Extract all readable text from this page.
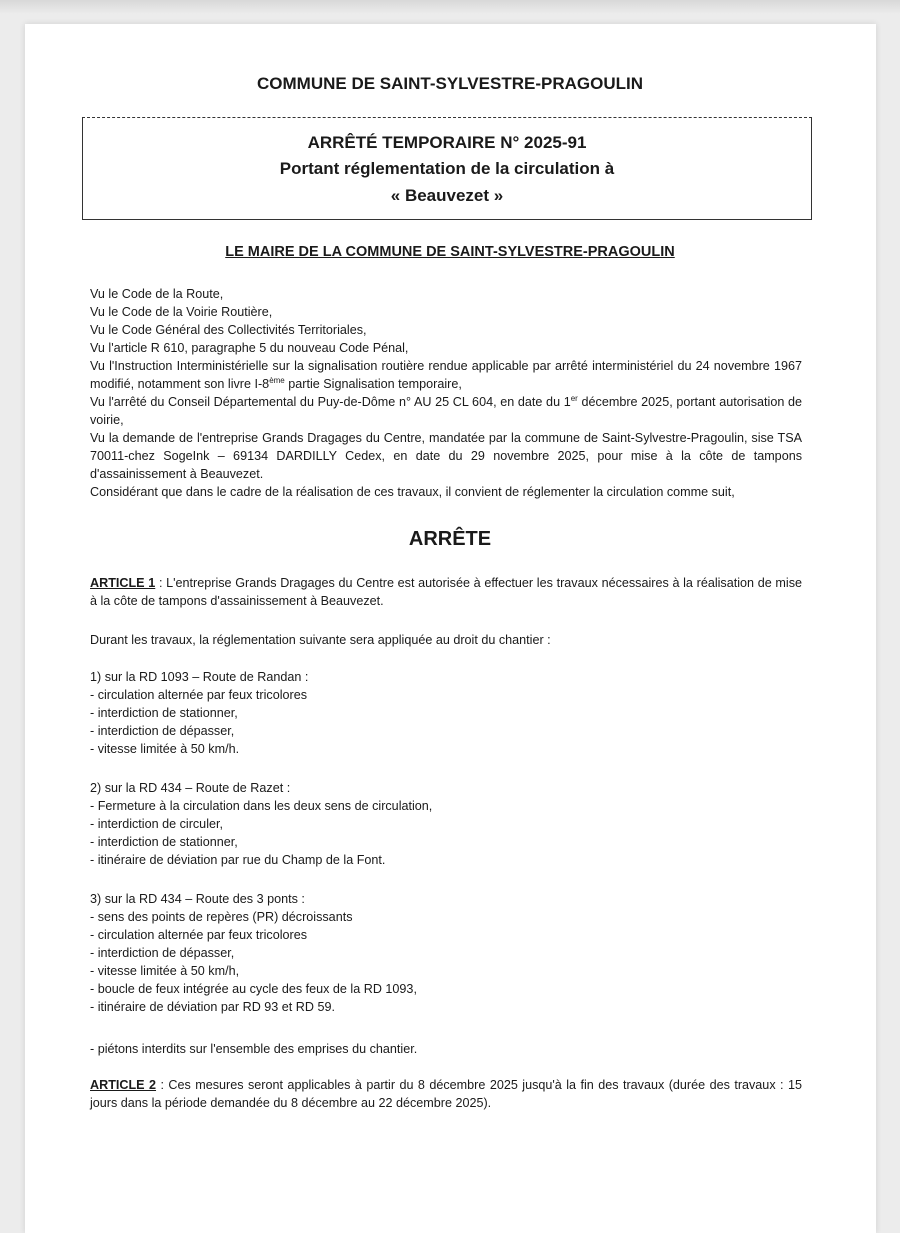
COMMUNE DE SAINT-SYLVESTRE-PRAGOULIN
ARRÊTÉ TEMPORAIRE N° 2025-91
Portant réglementation de la circulation à
« Beauvezet »
LE MAIRE DE LA COMMUNE DE SAINT-SYLVESTRE-PRAGOULIN

Vu le Code de la Route,

Vu le Code de la Voirie Routière,

Vu le Code Général des Collectivités Territoriales,

Vu l'article R 610, paragraphe 5 du nouveau Code Pénal,

Vu l'Instruction Interministérielle sur la signalisation routière rendue applicable par arrêté interministériel du 24 novembre 1967 modifié, notamment son livre I-8ème partie Signalisation temporaire,

Vu l'arrêté du Conseil Départemental du Puy-de-Dôme n° AU 25 CL 604, en date du 1er décembre 2025, portant autorisation de voirie,

Vu la demande de l'entreprise Grands Dragages du Centre, mandatée par la commune de Saint-Sylvestre-Pragoulin, sise TSA 70011-chez SogeInk – 69134 DARDILLY Cedex, en date du 29 novembre 2025, pour mise à la côte de tampons d'assainissement à Beauvezet.

Considérant que dans le cadre de la réalisation de ces travaux, il convient de réglementer la circulation comme suit,

ARRÊTE

ARTICLE 1 : L'entreprise Grands Dragages du Centre est autorisée à effectuer les travaux nécessaires à la réalisation de mise à la côte de tampons d'assainissement à Beauvezet.

Durant les travaux, la réglementation suivante sera appliquée au droit du chantier :

1) sur la RD 1093 – Route de Randan :

- circulation alternée par feux tricolores

- interdiction de stationner,

- interdiction de dépasser,

- vitesse limitée à 50 km/h.

2) sur la RD 434 – Route de Razet :

- Fermeture à la circulation dans les deux sens de circulation,

- interdiction de circuler,

- interdiction de stationner,

- itinéraire de déviation par rue du Champ de la Font.

3) sur la RD 434 – Route des 3 ponts :

- sens des points de repères (PR) décroissants

- circulation alternée par feux tricolores

- interdiction de dépasser,

- vitesse limitée à 50 km/h,

- boucle de feux intégrée au cycle des feux de la RD 1093,

- itinéraire de déviation par RD 93 et RD 59.

- piétons interdits sur l'ensemble des emprises du chantier.

ARTICLE 2 : Ces mesures seront applicables à partir du 8 décembre 2025 jusqu'à la fin des travaux (durée des travaux : 15 jours dans la période demandée du 8 décembre au 22 décembre 2025).
